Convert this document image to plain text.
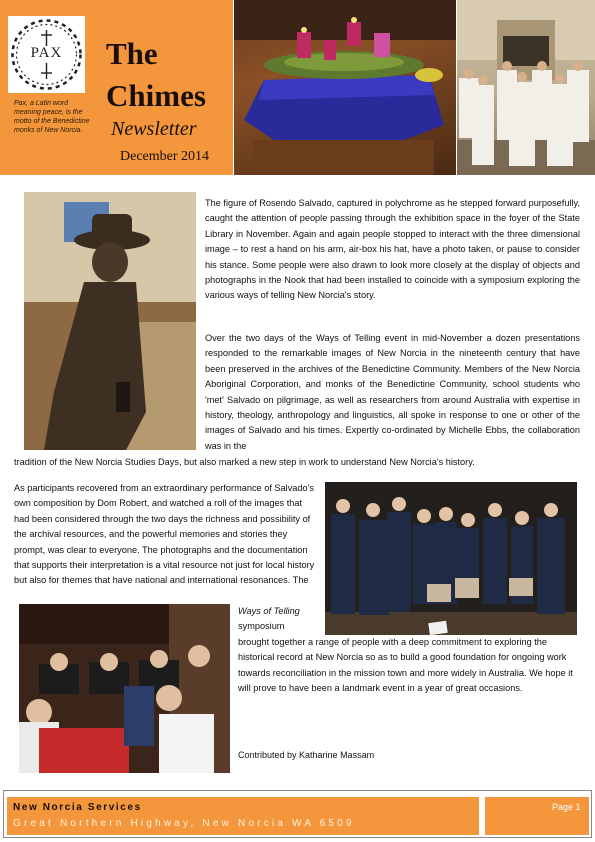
PAX
Pax, a Latin word meaning peace, is the motto of the Benedictine monks of New Norcia.
The
Chimes
Newsletter
December 2014
The figure of Rosendo Salvado, captured in polychrome as he stepped forward purposefully, caught the attention of people passing through the exhibition space in the foyer of the State Library in November. Again and again people stopped to interact with the three dimensional image – to rest a hand on his arm, air-box his hat, have a photo taken, or pause to consider his stance. Some people were also drawn to look more closely at the display of objects and photographs in the Nook that had been installed to coincide with a symposium exploring the various ways of telling New Norcia's story.
Over the two days of the Ways of Telling event in mid-November a dozen presentations responded to the remarkable images of New Norcia in the nineteenth century that have been preserved in the archives of the Benedictine Community. Members of the New Norcia Aboriginal Corporation, and monks of the Benedictine Community, school students who 'met' Salvado on pilgrimage, as well as researchers from around Australia with expertise in history, theology, anthropology and linguistics, all spoke in response to one or other of the images of Salvado and his times. Expertly co-ordinated by Michelle Ebbs, the collaboration was in the
tradition of the New Norcia Studies Days, but also marked a new step in work to understand New Norcia's history.
As participants recovered from an extraordinary performance of Salvado's own composition by Dom Robert, and watched a roll of the images that had been considered through the two days the richness and possibility of the archival resources, and the powerful memories and stories they prompt, was clear to everyone. The photographs and the documentation that supports their interpretation is a vital resource not just for local history but also for themes that have national and international resonances. The
Ways of Telling
symposium
brought together a range of people with a deep commitment to exploring the historical record at New Norcia so as to build a good foundation for ongoing work towards reconciliation in the mission town and more widely in Australia. We hope it will prove to have been a landmark event in a year of great occasions.
Contributed by Katharine Massam
New Norcia Services
Great Northern Highway, New Norcia WA 6509
Page 1
